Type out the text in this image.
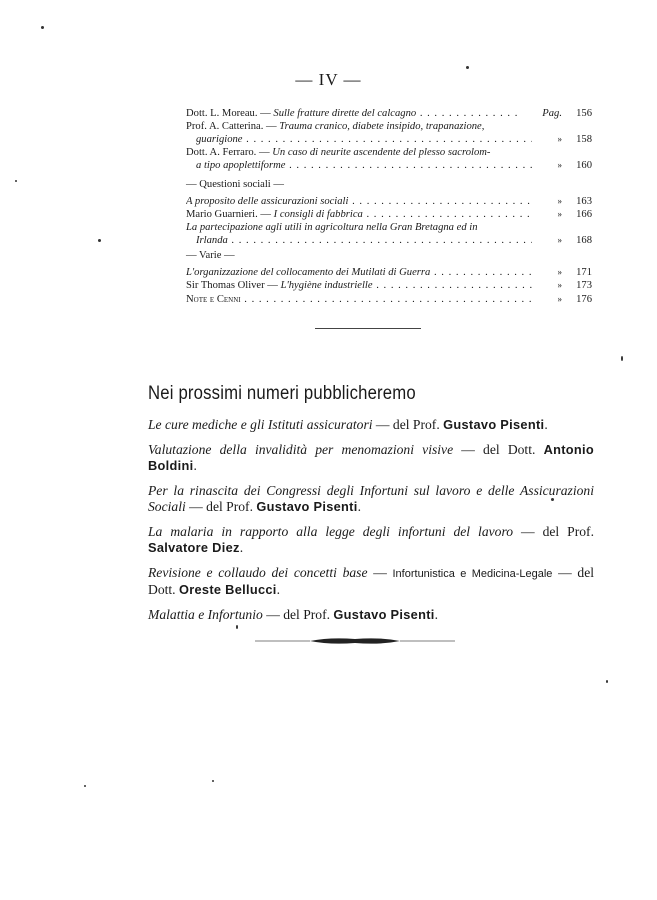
— IV —
Dott. L. Moreau. — Sulle fratture dirette del calcagno . . .	Pag.	156
Prof. A. Catterina. — Trauma cranico, diabete insipido, trapanazione,
guarigione . . .	»	158
Dott. A. Ferraro. — Un caso di neurite ascendente del plesso sacrolom-
a tipo apoplettiforme . . .	»	160
— Questioni sociali —
A proposito delle assicurazioni sociali . . .	»	163
Mario Guarnieri. — I consigli di fabbrica . . .	»	166
La partecipazione agli utili in agricoltura nella Gran Bretagna ed in
Irlanda . . .	»	168
— Varie —
L'organizzazione del collocamento dei Mutilati di Guerra . . .	»	171
Sir Thomas Oliver — L'hygiène industrielle . . .	»	173
Note e Cenni . . .	»	176
Nei prossimi numeri pubblicheremo

Le cure mediche e gli Istituti assicuratori — del Prof. Gustavo Pisenti.

Valutazione della invalidità per menomazioni visive — del Dott. Antonio Boldini.

Per la rinascita dei Congressi degli Infortuni sul lavoro e delle Assicurazioni Sociali — del Prof. Gustavo Pisenti.

La malaria in rapporto alla legge degli infortuni del lavoro — del Prof. Salvatore Diez.

Revisione e collaudo dei concetti base — Infortunistica e Medicina-Legale — del Dott. Oreste Bellucci.

Malattia e Infortunio — del Prof. Gustavo Pisenti.
